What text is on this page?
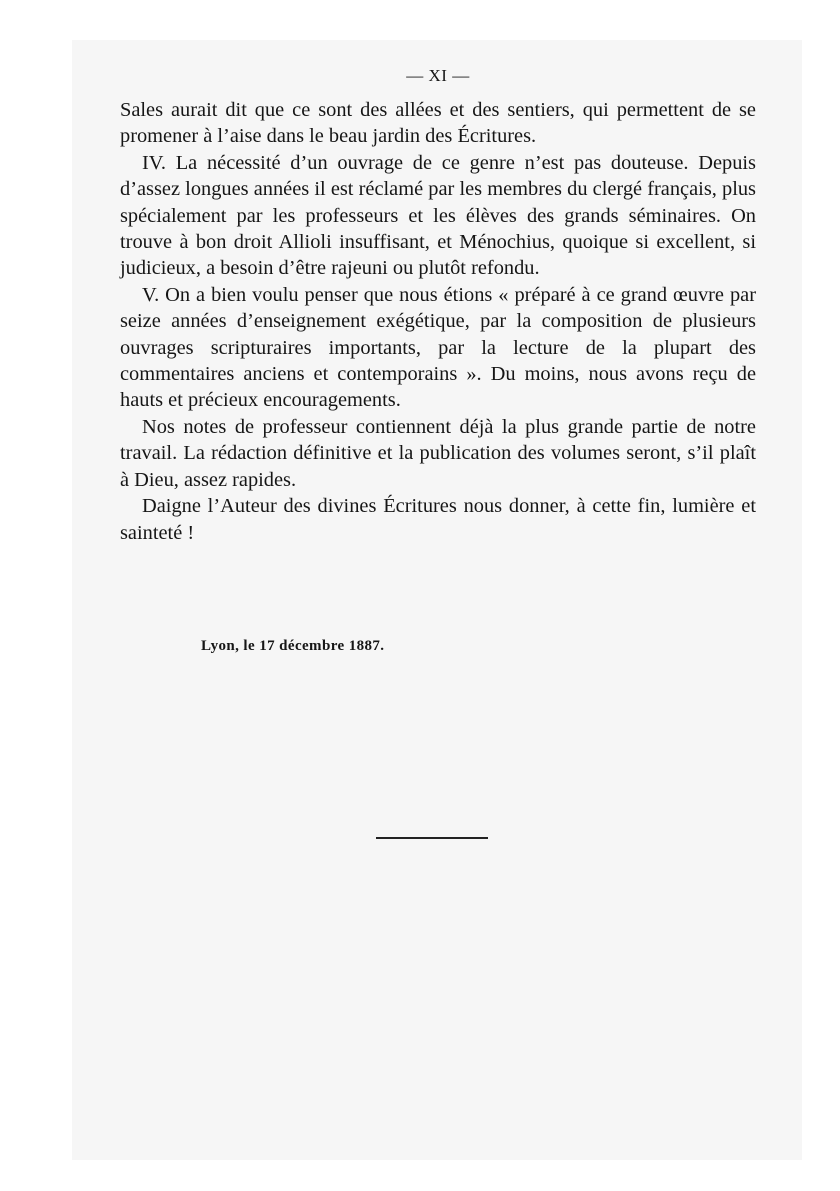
— XI —

Sales aurait dit que ce sont des allées et des sentiers, qui permettent de se promener à l’aise dans le beau jardin des Écritures.

IV. La nécessité d’un ouvrage de ce genre n’est pas douteuse. Depuis d’assez longues années il est réclamé par les membres du clergé français, plus spécialement par les professeurs et les élèves des grands séminaires. On trouve à bon droit Allioli insuffisant, et Ménochius, quoique si excellent, si judicieux, a besoin d’être rajeuni ou plutôt refondu.

V. On a bien voulu penser que nous étions « préparé à ce grand œuvre par seize années d’enseignement exégétique, par la composition de plusieurs ouvrages scripturaires importants, par la lecture de la plupart des commentaires anciens et contemporains ». Du moins, nous avons reçu de hauts et précieux encouragements.

Nos notes de professeur contiennent déjà la plus grande partie de notre travail. La rédaction définitive et la publication des volumes seront, s’il plaît à Dieu, assez rapides.

Daigne l’Auteur des divines Écritures nous donner, à cette fin, lumière et sainteté !

Lyon, le 17 décembre 1887.
